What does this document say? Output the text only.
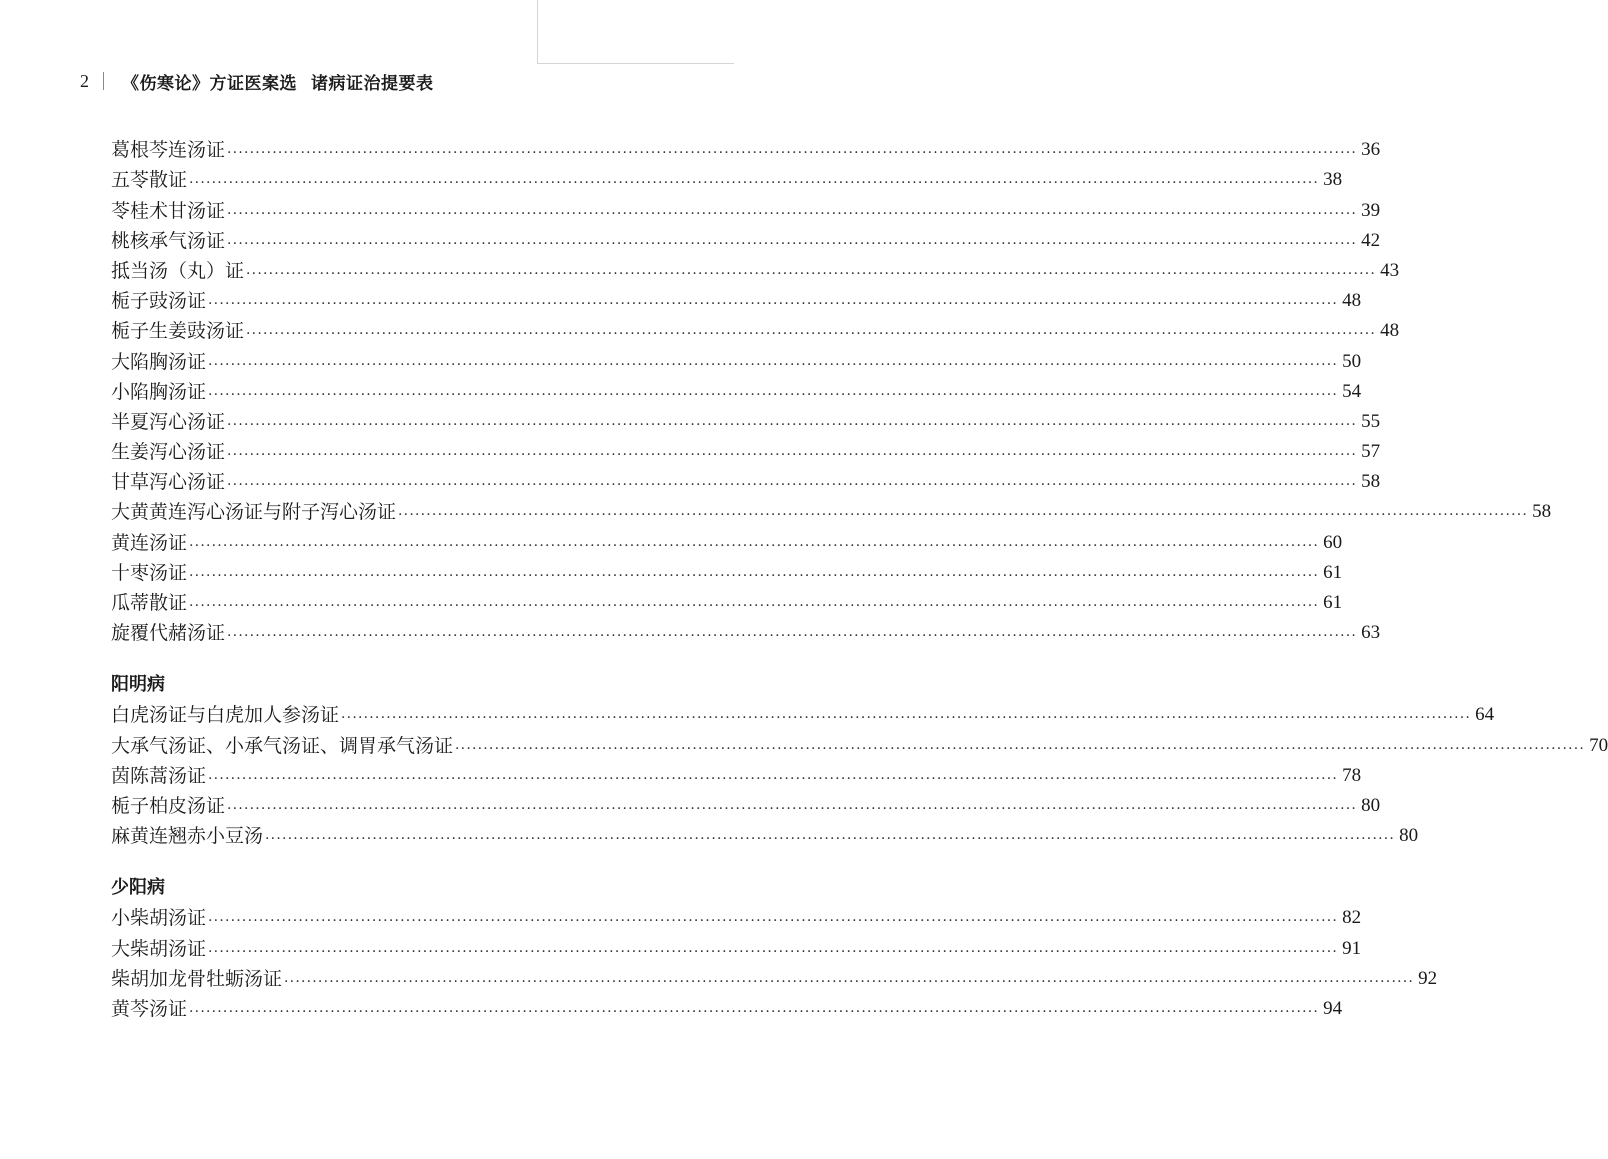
2 《伤寒论》方证医案选 诸病证治提要表
葛根芩连汤证 ········································································································································································································ 36
五苓散证 ········································································································································································································ 38
苓桂术甘汤证 ········································································································································································································ 39
桃核承气汤证 ········································································································································································································ 42
抵当汤（丸）证 ········································································································································································································ 43
栀子豉汤证 ········································································································································································································ 48
栀子生姜豉汤证 ········································································································································································································ 48
大陷胸汤证 ········································································································································································································ 50
小陷胸汤证 ········································································································································································································ 54
半夏泻心汤证 ········································································································································································································ 55
生姜泻心汤证 ········································································································································································································ 57
甘草泻心汤证 ········································································································································································································ 58
大黄黄连泻心汤证与附子泻心汤证 ········································································································································································································ 58
黄连汤证 ········································································································································································································ 60
十枣汤证 ········································································································································································································ 61
瓜蒂散证 ········································································································································································································ 61
旋覆代赭汤证 ········································································································································································································ 63
阳明病
白虎汤证与白虎加人参汤证 ········································································································································································································ 64
大承气汤证、小承气汤证、调胃承气汤证 ········································································································································································································ 70
茵陈蒿汤证 ········································································································································································································ 78
栀子柏皮汤证 ········································································································································································································ 80
麻黄连翘赤小豆汤 ········································································································································································································ 80
少阳病
小柴胡汤证 ········································································································································································································ 82
大柴胡汤证 ········································································································································································································ 91
柴胡加龙骨牡蛎汤证 ········································································································································································································ 92
黄芩汤证 ········································································································································································································ 94
